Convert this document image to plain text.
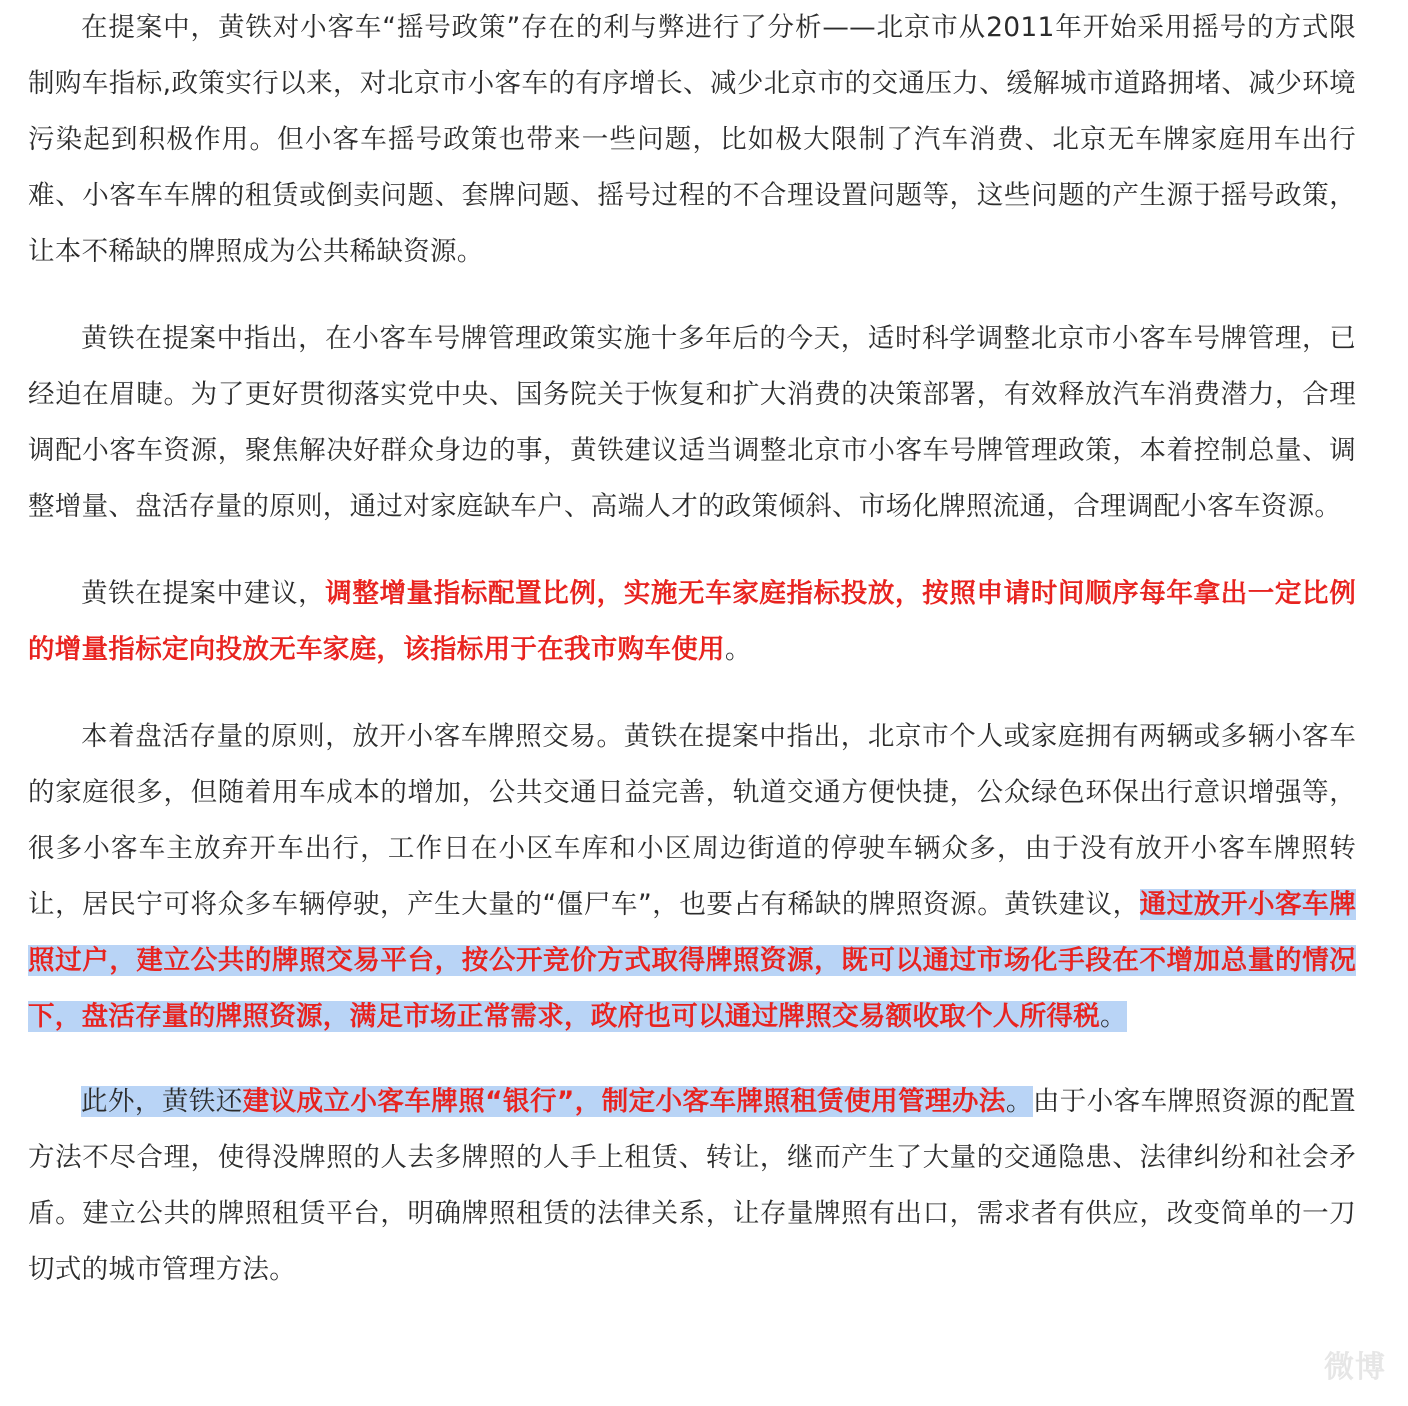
在提案中，黄铁对小客车“摇号政策”存在的利与弊进行了分析——北京市从2011年开始采用摇号的方式限制购车指标,政策实行以来，对北京市小客车的有序增长、减少北京市的交通压力、缓解城市道路拥堵、减少环境污染起到积极作用。但小客车摇号政策也带来一些问题，比如极大限制了汽车消费、北京无车牌家庭用车出行难、小客车车牌的租赁或倒卖问题、套牌问题、摇号过程的不合理设置问题等，这些问题的产生源于摇号政策，让本不稀缺的牌照成为公共稀缺资源。

黄铁在提案中指出，在小客车号牌管理政策实施十多年后的今天，适时科学调整北京市小客车号牌管理，已经迫在眉睫。为了更好贯彻落实党中央、国务院关于恢复和扩大消费的决策部署，有效释放汽车消费潜力，合理调配小客车资源，聚焦解决好群众身边的事，黄铁建议适当调整北京市小客车号牌管理政策，本着控制总量、调整增量、盘活存量的原则，通过对家庭缺车户、高端人才的政策倾斜、市场化牌照流通，合理调配小客车资源。

黄铁在提案中建议，调整增量指标配置比例，实施无车家庭指标投放，按照申请时间顺序每年拿出一定比例的增量指标定向投放无车家庭，该指标用于在我市购车使用。

本着盘活存量的原则，放开小客车牌照交易。黄铁在提案中指出，北京市个人或家庭拥有两辆或多辆小客车的家庭很多，但随着用车成本的增加，公共交通日益完善，轨道交通方便快捷，公众绿色环保出行意识增强等，很多小客车主放弃开车出行，工作日在小区车库和小区周边街道的停驶车辆众多，由于没有放开小客车牌照转让，居民宁可将众多车辆停驶，产生大量的“僵尸车”，也要占有稀缺的牌照资源。黄铁建议，通过放开小客车牌照过户，建立公共的牌照交易平台，按公开竞价方式取得牌照资源，既可以通过市场化手段在不增加总量的情况下，盘活存量的牌照资源，满足市场正常需求，政府也可以通过牌照交易额收取个人所得税。

此外，黄铁还建议成立小客车牌照“银行”，制定小客车牌照租赁使用管理办法。由于小客车牌照资源的配置方法不尽合理，使得没牌照的人去多牌照的人手上租赁、转让，继而产生了大量的交通隐患、法律纠纷和社会矛盾。建立公共的牌照租赁平台，明确牌照租赁的法律关系，让存量牌照有出口，需求者有供应，改变简单的一刀切式的城市管理方法。

微博
